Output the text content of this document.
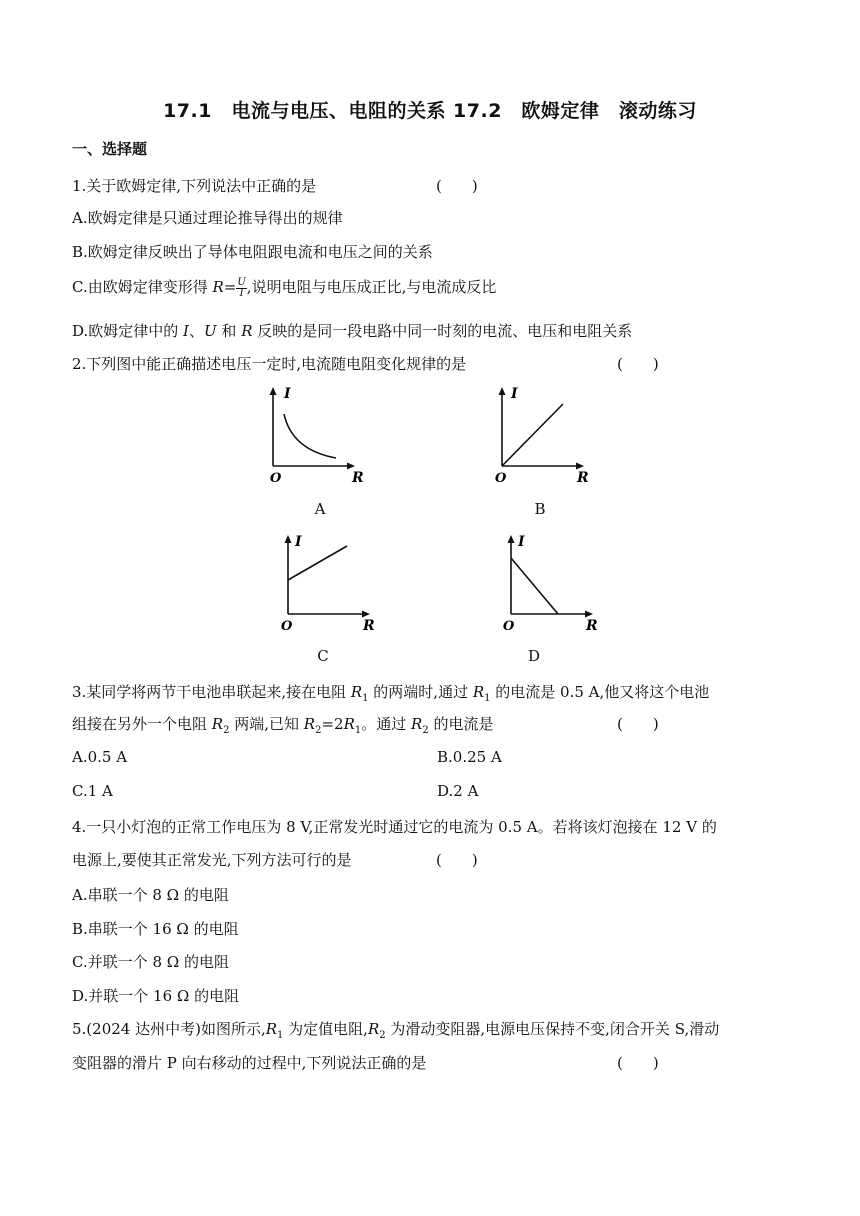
17.1　电流与电压、电阻的关系 17.2　欧姆定律　滚动练习
一、选择题
1.关于欧姆定律,下列说法中正确的是	(　　)
A.欧姆定律是只通过理论推导得出的规律
B.欧姆定律反映出了导体电阻跟电流和电压之间的关系
C.由欧姆定律变形得 $R= \frac{U}{I}$ ,说明电阻与电压成正比,与电流成反比
D.欧姆定律中的 I、U 和 R 反映的是同一段电路中同一时刻的电流、电压和电阻关系
2.下列图中能正确描述电压一定时,电流随电阻变化规律的是	(　　)
I
O	R
A
I
O	R
B
I
O	R
C
I
O	R
D
3.某同学将两节干电池串联起来,接在电阻 $R_1$ 的两端时,通过 $R_1$ 的电流是 0.5 A,他又将这个电池
组接在另外一个电阻 $R_2$ 两端,已知 $R_2=2R_1$。通过 $R_2$ 的电流是	(　　)
A.0.5 A	B.0.25 A
C.1 A	D.2 A
4.一只小灯泡的正常工作电压为 8 V,正常发光时通过它的电流为 0.5 A。若将该灯泡接在 12 V 的
电源上,要使其正常发光,下列方法可行的是	(　　)
A.串联一个 8 Ω 的电阻
B.串联一个 16 Ω 的电阻
C.并联一个 8 Ω 的电阻
D.并联一个 16 Ω 的电阻
5.(2024 达州中考)如图所示$,R_1$ 为定值电阻$,R_2$ 为滑动变阻器,电源电压保持不变,闭合开关 S,滑动
变阻器的滑片 P 向右移动的过程中,下列说法正确的是	(　　)
